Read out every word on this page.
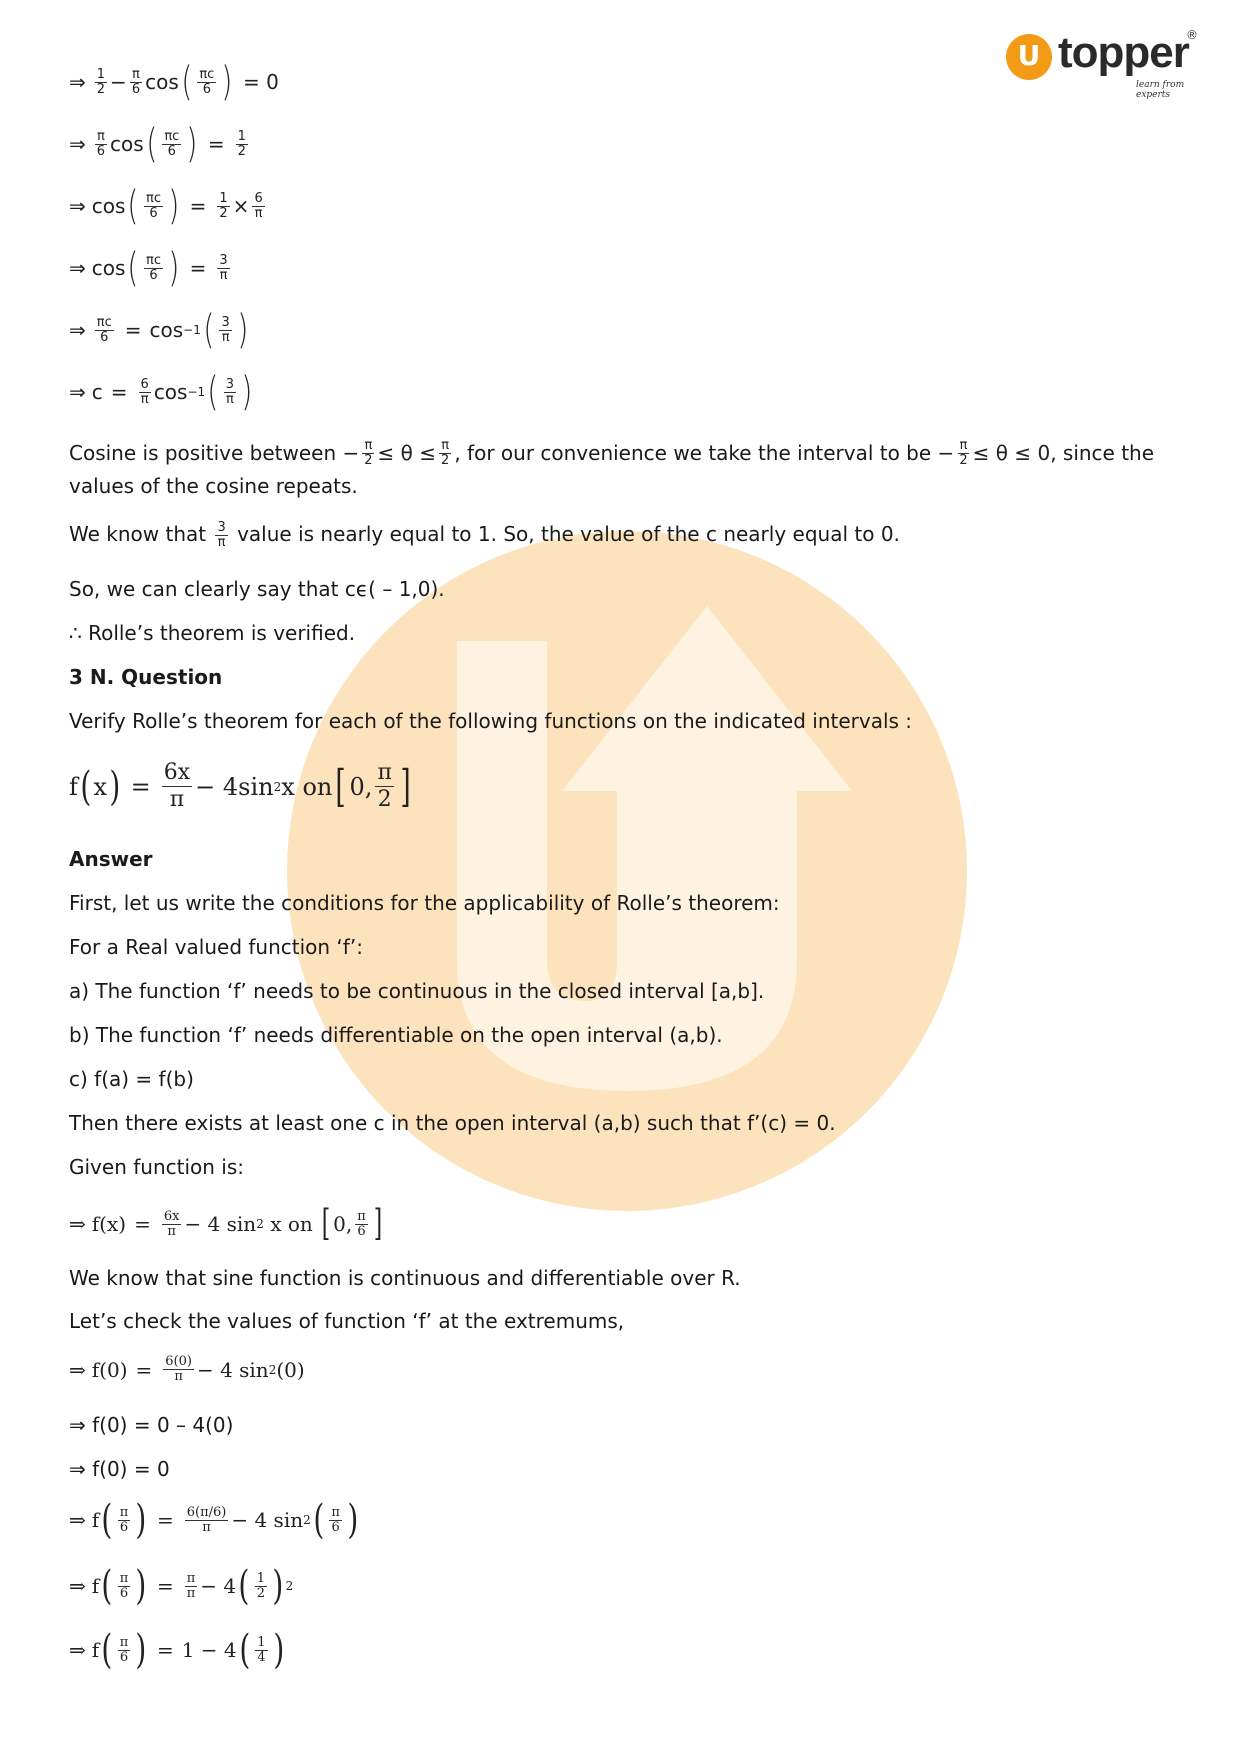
U topper
®
learn from experts
⇒ $\frac{1}{2} - \frac{\pi}{6}$ cos ( $\frac{\pi c}{6}$ ) = 0
⇒ $\frac{\pi}{6}$ cos ( $\frac{\pi c}{6}$ ) = $\frac{1}{2}$
⇒ cos ( $\frac{\pi c}{6}$ ) = $\frac{1}{2} \times \frac{6}{\pi}$
⇒ cos ( $\frac{\pi c}{6}$ ) = $\frac{3}{\pi}$
⇒ $\frac{\pi c}{6} = \cos -1$ ( $\frac{3}{\pi}$ )
⇒ $c = \frac{6}{\pi}$ cos −1 ( $\frac{3}{\pi}$ )
Cosine is positive between − $\frac{\pi}{2}$ ≤
θ
≤ $\frac{\pi}{2}$ , for our convenience we take the interval to be − $\frac{\pi}{2}$ ≤
θ
≤
0 , since the values of the cosine repeats.
We know that $\frac{3}{\pi}$ value is nearly equal to 1. So, the value of the c nearly equal to 0.
So, we can clearly say that cϵ( – 1,0).
∴ Rolle’s theorem is verified.
3 N. Question
Verify Rolle’s theorem for each of the following functions on the indicated intervals :
f ( x ) = $\frac{6x}{\pi} - 4\sin$ 2 x on [ 0, $\frac{\pi}{2}$ ]
Answer
First, let us write the conditions for the applicability of Rolle’s theorem:
For a Real valued function ‘f’:
a) The function ‘f’ needs to be continuous in the closed interval [a,b].
b) The function ‘f’ needs differentiable on the open interval (a,b).
c) f(a) = f(b)
Then there exists at least one c in the open interval (a,b) such that f’(c) = 0.
Given function is:
⇒ $f(x) = \frac{6x}{\pi} - 4$ sin 2
x on
[ 0, $\frac{\pi}{6}$ ]
We know that sine function is continuous and differentiable over R.
Let’s check the values of function ‘f’ at the extremums,
⇒ $f(0) = \frac{6(0)}{\pi} - 4$ sin 2 (0)
⇒ f(0) = 0 – 4(0)
⇒ f(0) = 0
⇒ f ( $\frac{\pi}{6}$ ) = $\frac{6(\pi/6)}{\pi} - 4$ sin 2 ( $\frac{\pi}{6}$ )
⇒ f ( $\frac{\pi}{6}$ ) = $\frac{\pi}{\pi} - 4$ ( $\frac{1}{2}$ ) 2
⇒ f ( $\frac{\pi}{6}$ ) = 1 − 4 ( $\frac{1}{4}$ )
